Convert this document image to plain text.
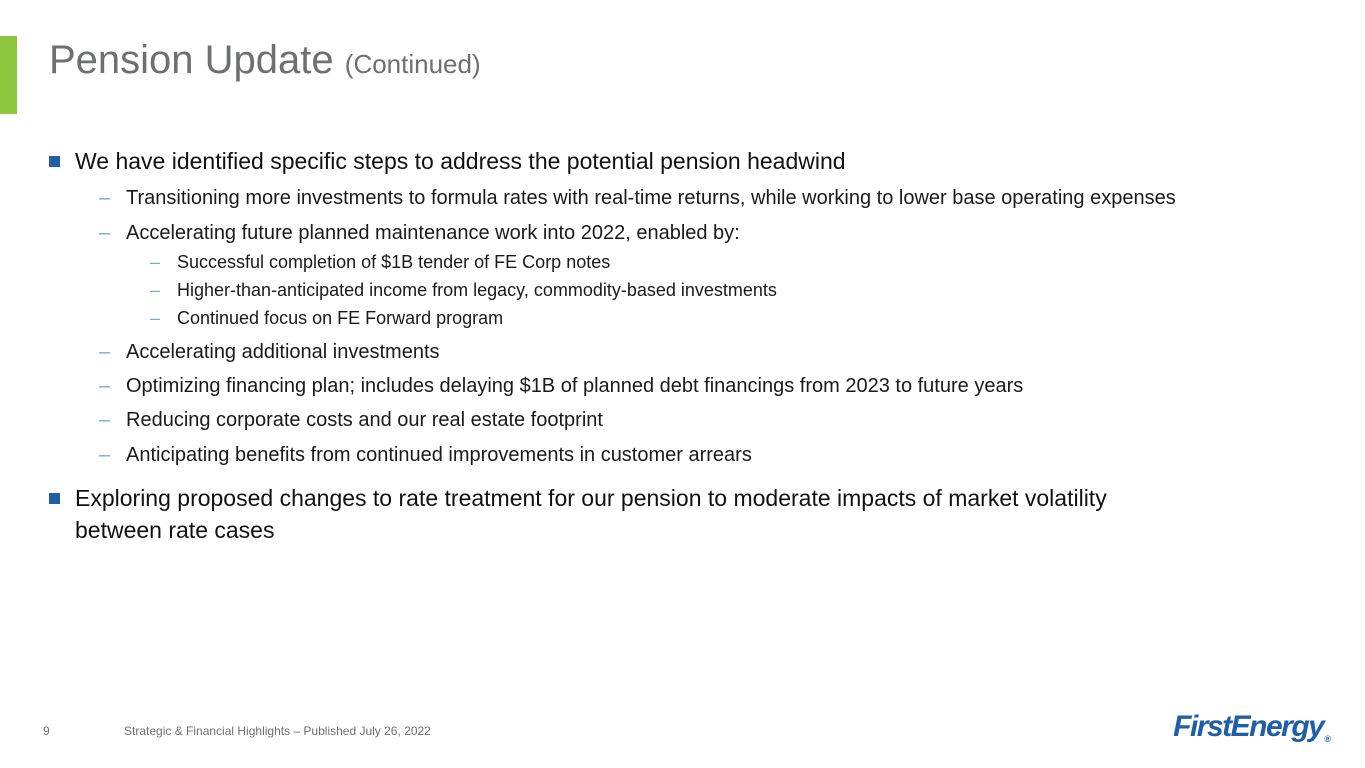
Pension Update (Continued)
We have identified specific steps to address the potential pension headwind
– Transitioning more investments to formula rates with real-time returns, while working to lower base operating expenses
– Accelerating future planned maintenance work into 2022, enabled by:
– Successful completion of $1B tender of FE Corp notes
– Higher-than-anticipated income from legacy, commodity-based investments
– Continued focus on FE Forward program
– Accelerating additional investments
– Optimizing financing plan; includes delaying $1B of planned debt financings from 2023 to future years
– Reducing corporate costs and our real estate footprint
– Anticipating benefits from continued improvements in customer arrears
Exploring proposed changes to rate treatment for our pension to moderate impacts of market volatility
between rate cases
9	Strategic & Financial Highlights – Published July 26, 2022	FirstEnergy$_®$
